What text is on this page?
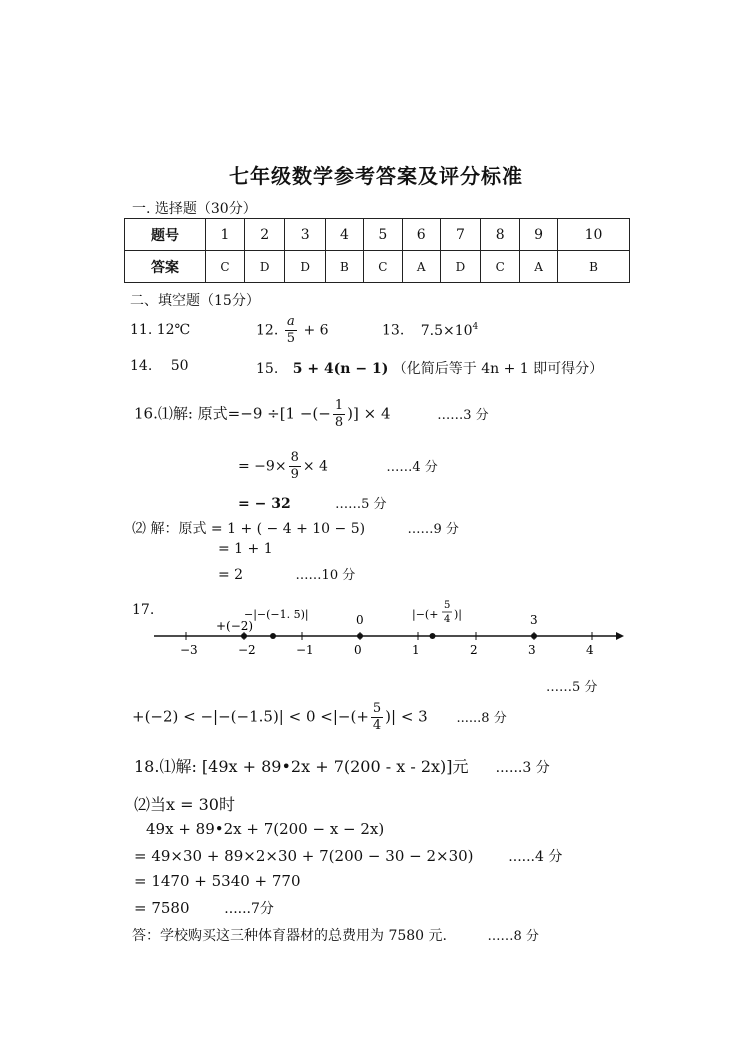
七年级数学参考答案及评分标准
一. 选择题（30分）
题号	1	2	3	4	5	6	7	8	9	10
答案	C	D	D	B	C	A	D	C	A	B
二、填空题（15分）
11. 12℃	12. $\frac{a}{5} + 6$	13. $7.5\times 10^4$
14. 50	15. 5 + 4(n − 1) （化简后等于 4n + 1 即可得分）
16.⑴解: 原式=−9 ÷[1 −(− $\frac{1}{8}$ )] × 4	……3 分
= $-9\times \frac{8}{9} \times 4$	……4 分
= − 32	……5 分
⑵ 解：原式 = 1 + ( − 4 + 10 − 5)	……9 分
= 1 + 1
= 2	……10 分
17.
−3	−2	−1	0	1	2	3	4
+(−2)
−|−(−1. 5)|	0	|−(+
5
4 )|	3
……5 分
+(−2) < −|−(−1.5)| < 0 <|−(+ $\frac{5}{4}$ )| < 3 ......8 分
18.⑴解: [49x + 89•2x + 7(200 - x - 2x)]元 ......3 分
⑵当x = 30时
49x + 89•2x + 7(200 − x − 2x)
= 49×30 + 89×2×30 + 7(200 − 30 − 2×30) ......4 分
= 1470 + 5340 + 770
= 7580 ......7分
答：学校购买这三种体育器材的总费用为 7580 元.	……8 分
